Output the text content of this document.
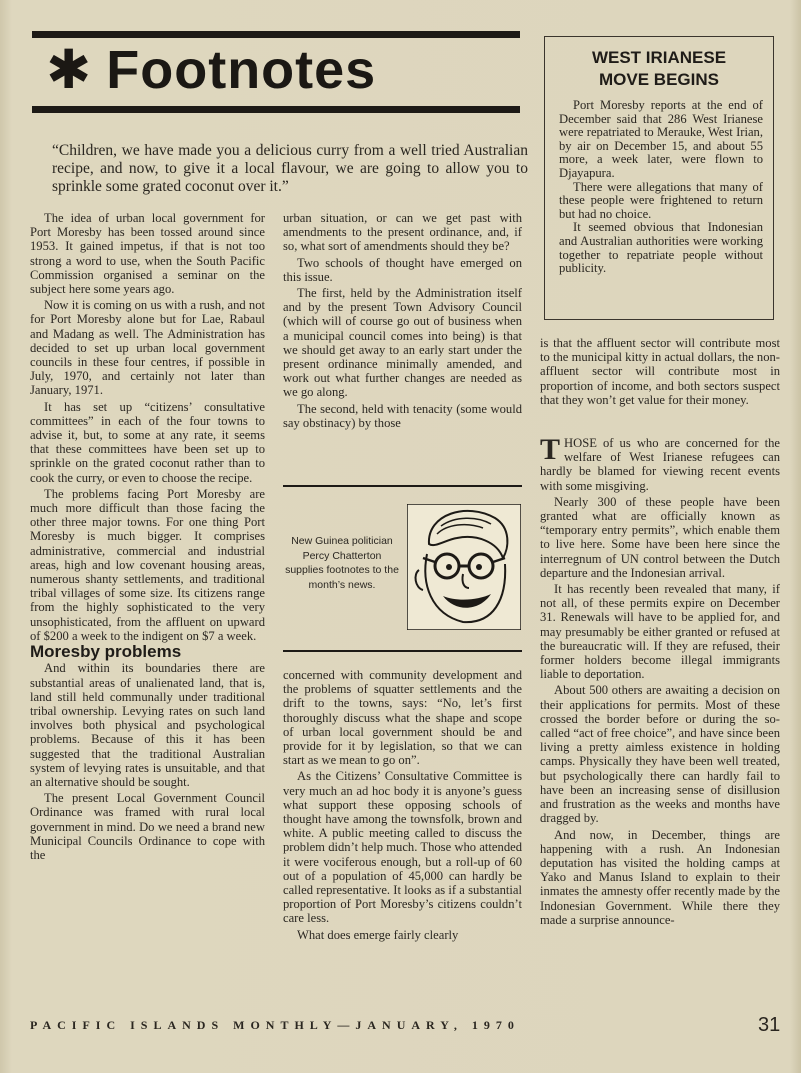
✱ Footnotes
“Children, we have made you a delicious curry from a well tried Australian recipe, and now, to give it a local flavour, we are going to allow you to sprinkle some grated coconut over it.”
WEST IRIANESE
MOVE BEGINS

Port Moresby reports at the end of December said that 286 West Irianese were repatriated to Merauke, West Irian, by air on December 15, and about 55 more, a week later, were flown to Djayapura.

There were allegations that many of these people were frightened to return but had no choice.

It seemed obvious that Indonesian and Australian authorities were working together to repatriate people without publicity.

The idea of urban local government for Port Moresby has been tossed around since 1953. It gained impetus, if that is not too strong a word to use, when the South Pacific Commission organised a seminar on the subject here some years ago.

Now it is coming on us with a rush, and not for Port Moresby alone but for Lae, Rabaul and Madang as well. The Administration has decided to set up urban local government councils in these four centres, if possible in July, 1970, and certainly not later than January, 1971.

It has set up “citizens’ consultative committees” in each of the four towns to advise it, but, to some at any rate, it seems that these committees have been set up to sprinkle on the grated coconut rather than to cook the curry, or even to choose the recipe.

The problems facing Port Moresby are much more difficult than those facing the other three major towns. For one thing Port Moresby is much bigger. It comprises administrative, commercial and industrial areas, high and low covenant housing areas, numerous shanty settlements, and traditional tribal villages of some size. Its citizens range from the highly sophisticated to the very unsophisticated, from the affluent on upward of $200 a week to the indigent on $7 a week.

Moresby problems

And within its boundaries there are substantial areas of unalienated land, that is, land still held communally under traditional tribal ownership. Levying rates on such land involves both physical and psychological problems. Because of this it has been suggested that the traditional Australian system of levying rates is unsuitable, and that an alternative should be sought.

The present Local Government Council Ordinance was framed with rural local government in mind. Do we need a brand new Municipal Councils Ordinance to cope with the

urban situation, or can we get past with amendments to the present ordinance, and, if so, what sort of amendments should they be?

Two schools of thought have emerged on this issue.

The first, held by the Administration itself and by the present Town Advisory Council (which will of course go out of business when a municipal council comes into being) is that we should get away to an early start under the present ordinance minimally amended, and work out what further changes are needed as we go along.

The second, held with tenacity (some would say obstinacy) by those

New Guinea politician Percy Chatterton supplies footnotes to the month’s news.

concerned with community development and the problems of squatter settlements and the drift to the towns, says: “No, let’s first thoroughly discuss what the shape and scope of urban local government should be and provide for it by legislation, so that we can start as we mean to go on”.

As the Citizens’ Consultative Committee is very much an ad hoc body it is anyone’s guess what support these opposing schools of thought have among the townsfolk, brown and white. A public meeting called to discuss the problem didn’t help much. Those who attended it were vociferous enough, but a roll-up of 60 out of a population of 45,000 can hardly be called representative. It looks as if a substantial proportion of Port Moresby’s citizens couldn’t care less.

What does emerge fairly clearly

is that the affluent sector will contribute most to the municipal kitty in actual dollars, the non-affluent sector will contribute most in proportion of income, and both sectors suspect that they won’t get value for their money.

THOSE of us who are concerned for the welfare of West Irianese refugees can hardly be blamed for viewing recent events with some misgiving.

Nearly 300 of these people have been granted what are officially known as “temporary entry permits”, which enable them to live here. Some have been here since the interregnum of UN control between the Dutch departure and the Indonesian arrival.

It has recently been revealed that many, if not all, of these permits expire on December 31. Renewals will have to be applied for, and may presumably be either granted or refused at the bureaucratic will. If they are refused, their former holders become illegal immigrants liable to deportation.

About 500 others are awaiting a decision on their applications for permits. Most of these crossed the border before or during the so-called “act of free choice”, and have since been living a pretty aimless existence in holding camps. Physically they have been well treated, but psychologically there can hardly fail to have been an increasing sense of disillusion and frustration as the weeks and months have dragged by.

And now, in December, things are happening with a rush. An Indonesian deputation has visited the holding camps at Yako and Manus Island to explain to their inmates the amnesty offer recently made by the Indonesian Government. While there they made a surprise announce-

PACIFIC ISLANDS MONTHLY—JANUARY, 1970	31
